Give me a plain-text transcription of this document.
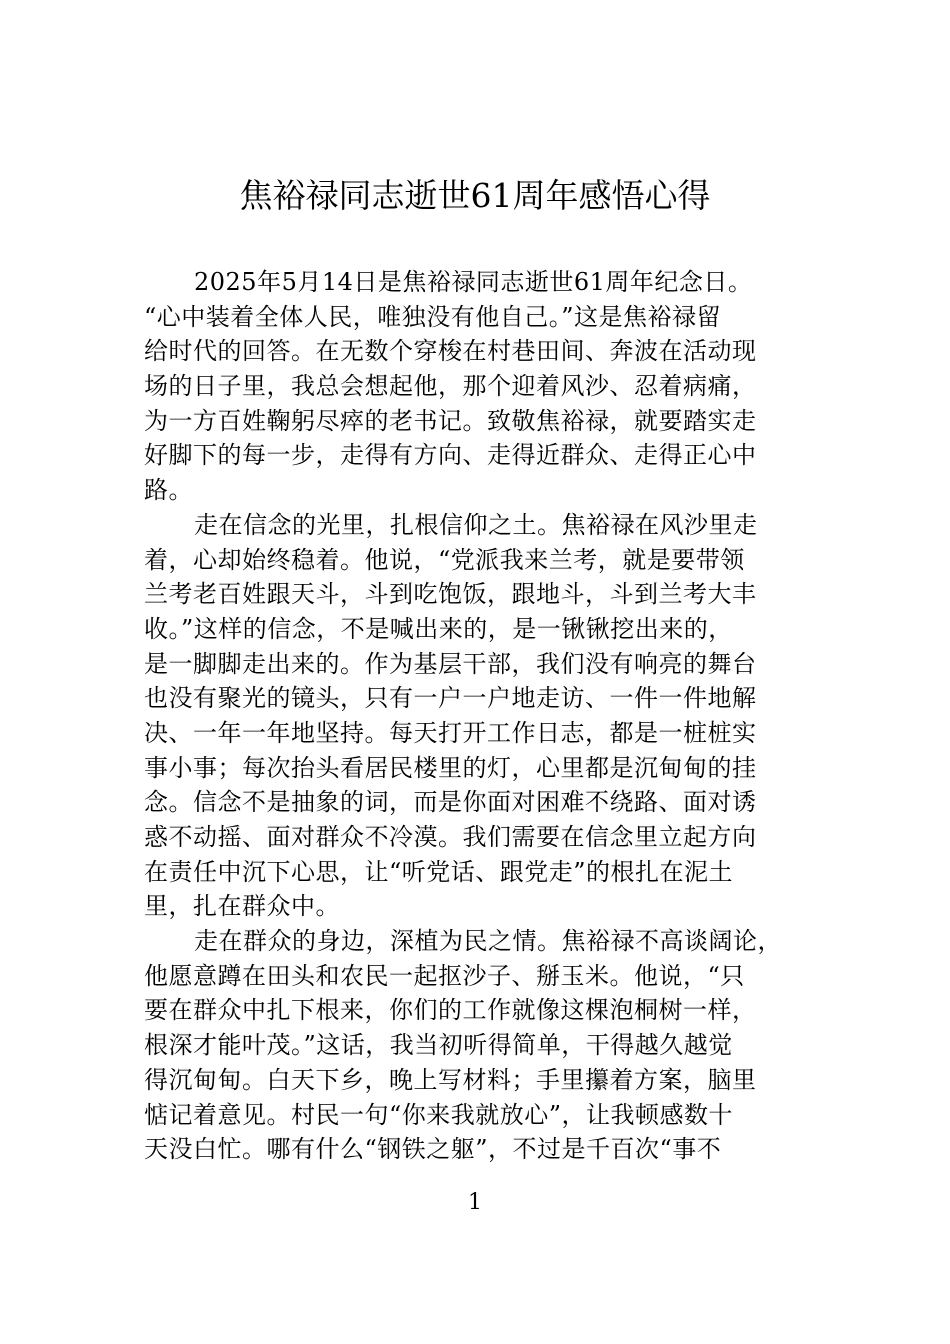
焦裕禄同志逝世61周年感悟心得
2025年5月14日是焦裕禄同志逝世61周年纪念日。
“心中装着全体人民，唯独没有他自己。”这是焦裕禄留
给时代的回答。在无数个穿梭在村巷田间、奔波在活动现
场的日子里，我总会想起他，那个迎着风沙、忍着病痛，
为一方百姓鞠躬尽瘁的老书记。致敬焦裕禄，就要踏实走
好脚下的每一步，走得有方向、走得近群众、走得正心中
路。
走在信念的光里，扎根信仰之土。焦裕禄在风沙里走
着，心却始终稳着。他说，“党派我来兰考，就是要带领
兰考老百姓跟天斗，斗到吃饱饭，跟地斗，斗到兰考大丰
收。”这样的信念，不是喊出来的，是一锹锹挖出来的，
是一脚脚走出来的。作为基层干部，我们没有响亮的舞台
也没有聚光的镜头，只有一户一户地走访、一件一件地解
决、一年一年地坚持。每天打开工作日志，都是一桩桩实
事小事；每次抬头看居民楼里的灯，心里都是沉甸甸的挂
念。信念不是抽象的词，而是你面对困难不绕路、面对诱
惑不动摇、面对群众不冷漠。我们需要在信念里立起方向
在责任中沉下心思，让“听党话、跟党走”的根扎在泥土
里，扎在群众中。
走在群众的身边，深植为民之情。焦裕禄不高谈阔论，
他愿意蹲在田头和农民一起抠沙子、掰玉米。他说，“只
要在群众中扎下根来，你们的工作就像这棵泡桐树一样，
根深才能叶茂。”这话，我当初听得简单，干得越久越觉
得沉甸甸。白天下乡，晚上写材料；手里攥着方案，脑里
惦记着意见。村民一句“你来我就放心”，让我顿感数十
天没白忙。哪有什么“钢铁之躯”，不过是千百次“事不
1
